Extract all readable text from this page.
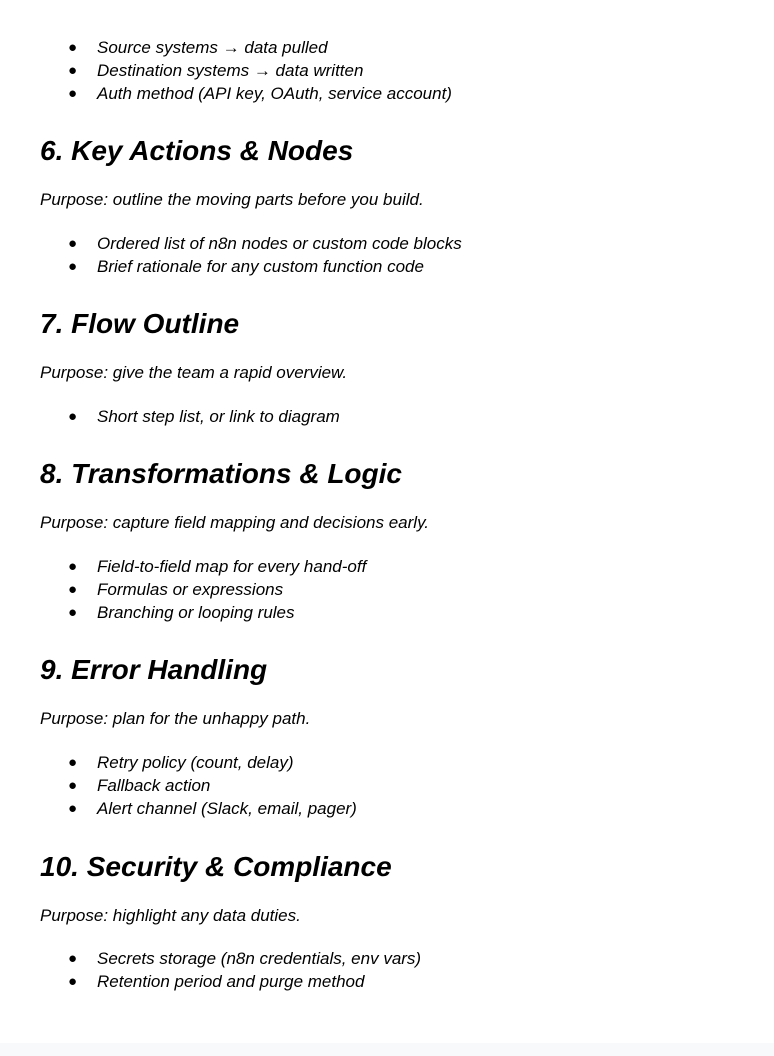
● Source systems → data pulled
● Destination systems → data written
● Auth method (API key, OAuth, service account)
6. Key Actions & Nodes

Purpose: outline the moving parts before you build.

● Ordered list of n8n nodes or custom code blocks
● Brief rationale for any custom function code
7. Flow Outline

Purpose: give the team a rapid overview.

● Short step list, or link to diagram
8. Transformations & Logic

Purpose: capture field mapping and decisions early.

● Field-to-field map for every hand-off
● Formulas or expressions
● Branching or looping rules
9. Error Handling

Purpose: plan for the unhappy path.

● Retry policy (count, delay)
● Fallback action
● Alert channel (Slack, email, pager)
10. Security & Compliance

Purpose: highlight any data duties.

● Secrets storage (n8n credentials, env vars)
● Retention period and purge method
